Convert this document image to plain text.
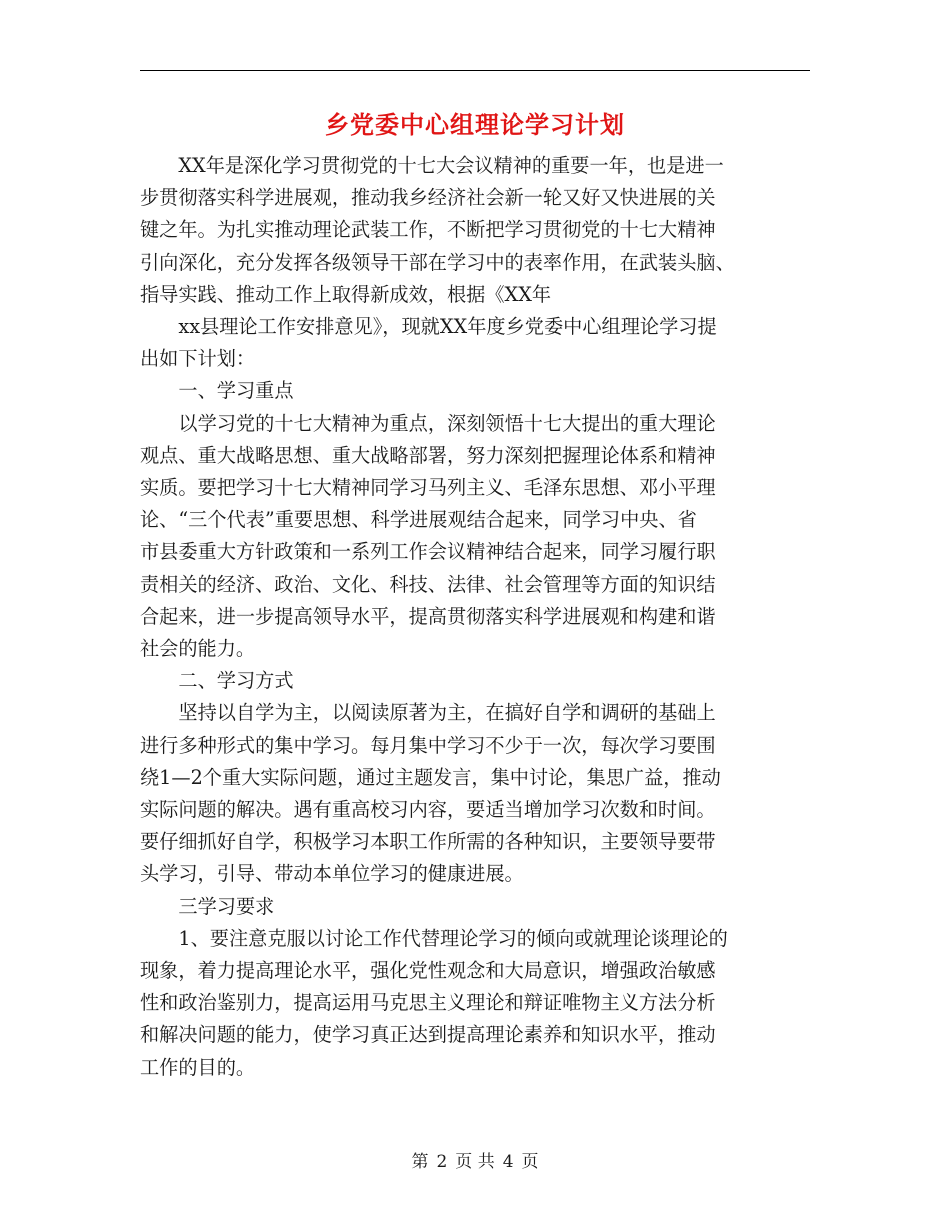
乡党委中心组理论学习计划

XX年是深化学习贯彻党的十七大会议精神的重要一年，也是进一
步贯彻落实科学进展观，推动我乡经济社会新一轮又好又快进展的关
键之年。为扎实推动理论武装工作，不断把学习贯彻党的十七大精神
引向深化，充分发挥各级领导干部在学习中的表率作用，在武装头脑、
指导实践、推动工作上取得新成效，根据《XX年

xx县理论工作安排意见》，现就XX年度乡党委中心组理论学习提
出如下计划：

一、学习重点

以学习党的十七大精神为重点，深刻领悟十七大提出的重大理论
观点、重大战略思想、重大战略部署，努力深刻把握理论体系和精神
实质。要把学习十七大精神同学习马列主义、毛泽东思想、邓小平理
论、“三个代表”重要思想、科学进展观结合起来，同学习中央、省
市县委重大方针政策和一系列工作会议精神结合起来，同学习履行职
责相关的经济、政治、文化、科技、法律、社会管理等方面的知识结
合起来，进一步提高领导水平，提高贯彻落实科学进展观和构建和谐
社会的能力。

二、学习方式

坚持以自学为主，以阅读原著为主，在搞好自学和调研的基础上
进行多种形式的集中学习。每月集中学习不少于一次，每次学习要围
绕1—2个重大实际问题，通过主题发言，集中讨论，集思广益，推动
实际问题的解决。遇有重高校习内容，要适当增加学习次数和时间。
要仔细抓好自学，积极学习本职工作所需的各种知识，主要领导要带
头学习，引导、带动本单位学习的健康进展。

三学习要求

1、要注意克服以讨论工作代替理论学习的倾向或就理论谈理论的
现象，着力提高理论水平，强化党性观念和大局意识，增强政治敏感
性和政治鉴别力，提高运用马克思主义理论和辩证唯物主义方法分析
和解决问题的能力，使学习真正达到提高理论素养和知识水平，推动
工作的目的。

第 2 页 共 4 页
